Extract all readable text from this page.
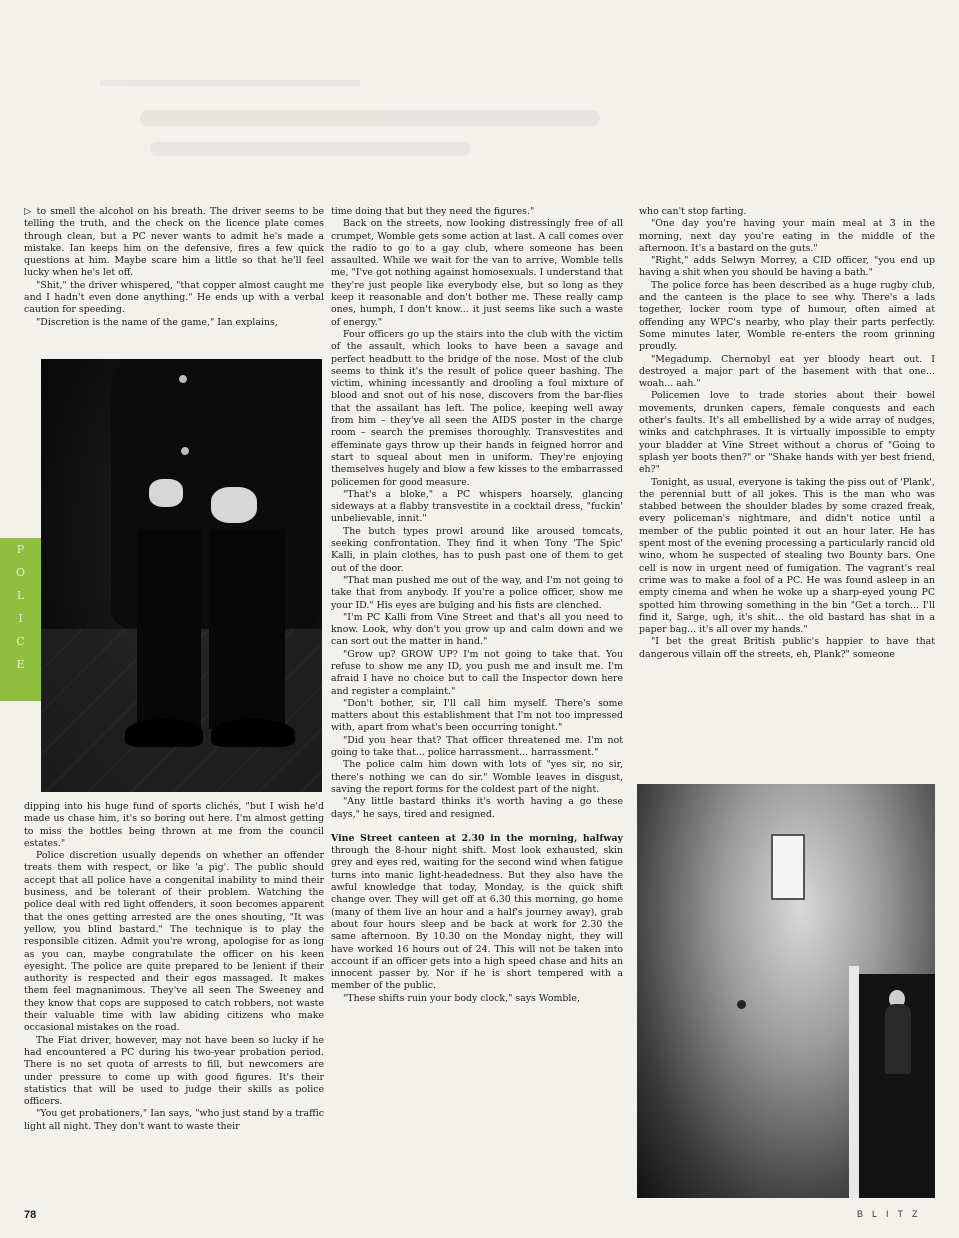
▷ to smell the alcohol on his breath. The driver seems to be telling the truth, and the check on the licence plate comes through clean, but a PC never wants to admit he's made a mistake. Ian keeps him on the defensive, fires a few quick questions at him. Maybe scare him a little so that he'll feel lucky when he's let off.

"Shit," the driver whispered, "that copper almost caught me and I hadn't even done anything." He ends up with a verbal caution for speeding.

"Discretion is the name of the game," Ian explains,

P
O
L
I
C
E

dipping into his huge fund of sports clichés, "but I wish he'd made us chase him, it's so boring out here. I'm almost getting to miss the bottles being thrown at me from the council estates."

Police discretion usually depends on whether an offender treats them with respect, or like 'a pig'. The public should accept that all police have a congenital inability to mind their business, and be tolerant of their problem. Watching the police deal with red light offenders, it soon becomes apparent that the ones getting arrested are the ones shouting, "It was yellow, you blind bastard." The technique is to play the responsible citizen. Admit you're wrong, apologise for as long as you can, maybe congratulate the officer on his keen eyesight. The police are quite prepared to be lenient if their authority is respected and their egos massaged. It makes them feel magnanimous. They've all seen The Sweeney and they know that cops are supposed to catch robbers, not waste their valuable time with law abiding citizens who make occasional mistakes on the road.

The Fiat driver, however, may not have been so lucky if he had encountered a PC during his two-year probation period. There is no set quota of arrests to fill, but newcomers are under pressure to come up with good figures. It's their statistics that will be used to judge their skills as police officers.

"You get probationers," Ian says, "who just stand by a traffic light all night. They don't want to waste their

time doing that but they need the figures."

Back on the streets, now looking distressingly free of all crumpet, Womble gets some action at last. A call comes over the radio to go to a gay club, where someone has been assaulted. While we wait for the van to arrive, Womble tells me, "I've got nothing against homosexuals. I understand that they're just people like everybody else, but so long as they keep it reasonable and don't bother me. These really camp ones, humph, I don't know... it just seems like such a waste of energy."

Four officers go up the stairs into the club with the victim of the assault, which looks to have been a savage and perfect headbutt to the bridge of the nose. Most of the club seems to think it's the result of police queer bashing. The victim, whining incessantly and drooling a foul mixture of blood and snot out of his nose, discovers from the bar-flies that the assailant has left. The police, keeping well away from him – they've all seen the AIDS poster in the charge room – search the premises thoroughly. Transvestites and effeminate gays throw up their hands in feigned horror and start to squeal about men in uniform. They're enjoying themselves hugely and blow a few kisses to the embarrassed policemen for good measure.

"That's a bloke," a PC whispers hoarsely, glancing sideways at a flabby transvestite in a cocktail dress, "fuckin' unbelievable, innit."

The butch types prowl around like aroused tomcats, seeking confrontation. They find it when Tony 'The Spic' Kalli, in plain clothes, has to push past one of them to get out of the door.

"That man pushed me out of the way, and I'm not going to take that from anybody. If you're a police officer, show me your ID." His eyes are bulging and his fists are clenched.

"I'm PC Kalli from Vine Street and that's all you need to know. Look, why don't you grow up and calm down and we can sort out the matter in hand."

"Grow up? GROW UP? I'm not going to take that. You refuse to show me any ID, you push me and insult me. I'm afraid I have no choice but to call the Inspector down here and register a complaint."

"Don't bother, sir, I'll call him myself. There's some matters about this establishment that I'm not too impressed with, apart from what's been occurring tonight."

"Did you hear that? That officer threatened me. I'm not going to take that... police harrassment... harrassment."

The police calm him down with lots of "yes sir, no sir, there's nothing we can do sir." Womble leaves in disgust, saving the report forms for the coldest part of the night.

"Any little bastard thinks it's worth having a go these days," he says, tired and resigned.

Vine Street canteen at 2.30 in the morning, halfway through the 8-hour night shift. Most look exhausted, skin grey and eyes red, waiting for the second wind when fatigue turns into manic light-headedness. But they also have the awful knowledge that today, Monday, is the quick shift change over. They will get off at 6.30 this morning, go home (many of them live an hour and a half's journey away), grab about four hours sleep and be back at work for 2.30 the same afternoon. By 10.30 on the Monday night, they will have worked 16 hours out of 24. This will not be taken into account if an officer gets into a high speed chase and hits an innocent passer by. Nor if he is short tempered with a member of the public.

"These shifts ruin your body clock," says Womble,

who can't stop farting.

"One day you're having your main meal at 3 in the morning, next day you're eating in the middle of the afternoon. It's a bastard on the guts."

"Right," adds Selwyn Morrey, a CID officer, "you end up having a shit when you should be having a bath."

The police force has been described as a huge rugby club, and the canteen is the place to see why. There's a lads together, locker room type of humour, often aimed at offending any WPC's nearby, who play their parts perfectly. Some minutes later, Womble re-enters the room grinning proudly.

"Megadump. Chernobyl eat yer bloody heart out. I destroyed a major part of the basement with that one... woah... aah."

Policemen love to trade stories about their bowel movements, drunken capers, female conquests and each other's faults. It's all embellished by a wide array of nudges, winks and catchphrases. It is virtually impossible to empty your bladder at Vine Street without a chorus of "Going to splash yer boots then?" or "Shake hands with yer best friend, eh?"

Tonight, as usual, everyone is taking the piss out of 'Plank', the perennial butt of all jokes. This is the man who was stabbed between the shoulder blades by some crazed freak, every policeman's nightmare, and didn't notice until a member of the public pointed it out an hour later. He has spent most of the evening processing a particularly rancid old wino, whom he suspected of stealing two Bounty bars. One cell is now in urgent need of fumigation. The vagrant's real crime was to make a fool of a PC. He was found asleep in an empty cinema and when he woke up a sharp-eyed young PC spotted him throwing something in the bin "Get a torch... I'll find it, Sarge, ugh, it's shit... the old bastard has shat in a paper bag... it's all over my hands."

"I bet the great British public's happier to have that dangerous villain off the streets, eh, Plank?" someone

78	BLITZ
